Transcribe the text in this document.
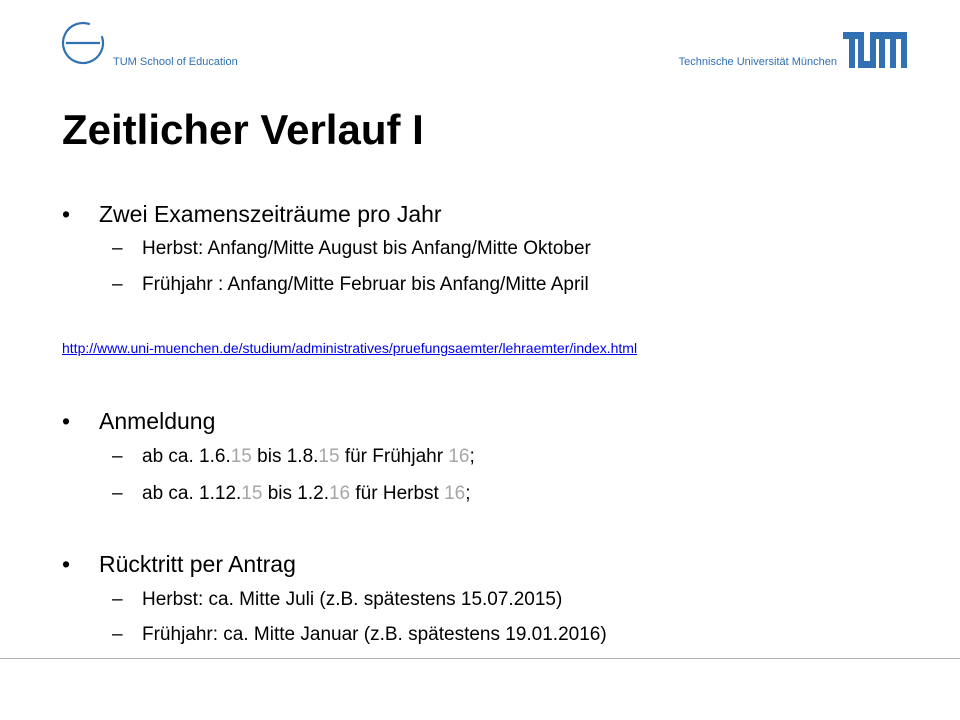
TUM School of Education	Technische Universität München
Zeitlicher Verlauf I
• Zwei Examenszeiträume pro Jahr
– Herbst: Anfang/Mitte August bis Anfang/Mitte Oktober
– Frühjahr : Anfang/Mitte Februar bis Anfang/Mitte April
http://www.uni-muenchen.de/studium/administratives/pruefungsaemter/lehraemter/index.html
• Anmeldung
– ab ca. 1.6.15 bis 1.8.15 für Frühjahr 16;
– ab ca. 1.12.15 bis 1.2.16 für Herbst 16;
• Rücktritt per Antrag
– Herbst: ca. Mitte Juli (z.B. spätestens 15.07.2015)
– Frühjahr: ca. Mitte Januar (z.B. spätestens 19.01.2016)
